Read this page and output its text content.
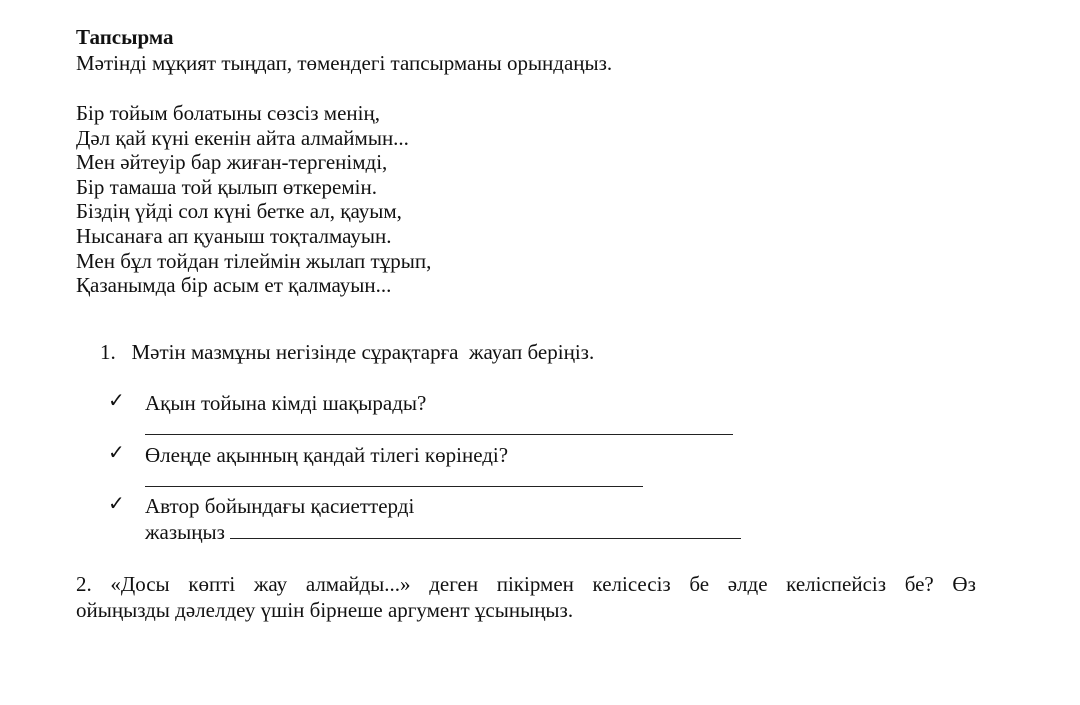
Тапсырма
Мәтінді мұқият тыңдап, төмендегі тапсырманы орындаңыз.
Бір тойым болатыны сөзсіз менің,
Дәл қай күні екенін айта алмаймын...
Мен әйтеуір бар жиған-тергенімді,
Бір тамаша той қылып өткеремін.
Біздің үйді сол күні бетке ал, қауым,
Нысанаға ап қуаныш тоқталмауын.
Мен бұл тойдан тілеймін жылап тұрып,
Қазанымда бір асым ет қалмауын...
1. Мәтін мазмұны негізінде сұрақтарға  жауап беріңіз.
✓ Ақын тойына кімді шақырады?
✓ Өлеңде ақынның қандай тілегі көрінеді?
✓ Автор бойындағы қасиеттерді
жазыңыз
2. «Досы көпті жау алмайды...» деген пікірмен келісесіз бе әлде келіспейсіз бе? Өз
ойыңызды дәлелдеу үшін бірнеше аргумент ұсыныңыз.
